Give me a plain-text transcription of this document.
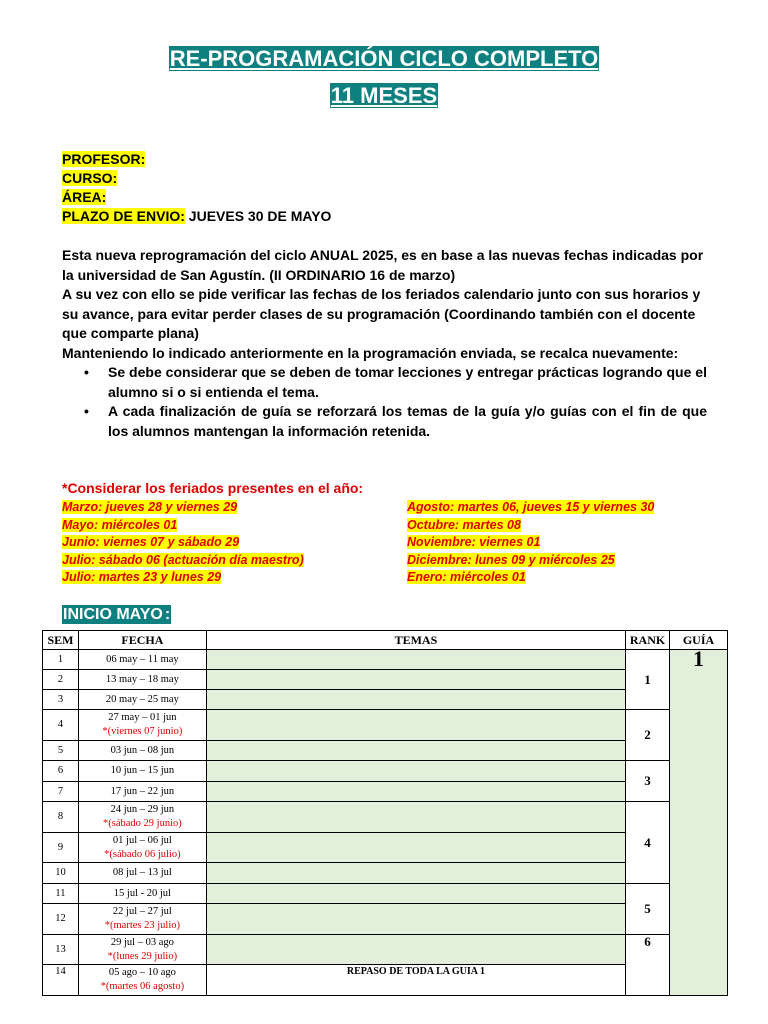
RE-PROGRAMACIÓN CICLO COMPLETO
11 MESES
PROFESOR:
CURSO:
ÁREA:
PLAZO DE ENVIO: JUEVES 30 DE MAYO

Esta nueva reprogramación del ciclo ANUAL 2025, es en base a las nuevas fechas indicadas por la universidad de San Agustín. (II ORDINARIO 16 de marzo)

A su vez con ello se pide verificar las fechas de los feriados calendario junto con sus horarios y su avance, para evitar perder clases de su programación (Coordinando también con el docente que comparte plana)

Manteniendo lo indicado anteriormente en la programación enviada, se recalca nuevamente:

• Se debe considerar que se deben de tomar lecciones y entregar prácticas logrando que el alumno si o si entienda el tema.
• A cada finalización de guía se reforzará los temas de la guía y/o guías con el fin de que los alumnos mantengan la información retenida.
*Considerar los feriados presentes en el año:
Marzo: jueves 28 y viernes 29
Mayo: miércoles 01
Junio: viernes 07 y sábado 29
Julio: sábado 06 (actuación día maestro)
Julio: martes 23 y lunes 29
Agosto: martes 06, jueves 15 y viernes 30
Octubre: martes 08
Noviembre: viernes 01
Diciembre: lunes 09 y miércoles 25
Enero: miércoles 01
INICIO MAYO :
SEM	FECHA	TEMAS	RANK	GUÍA
1	06 may – 11 may		1	1
2	13 may – 18 may			

3	20 may – 25 may			

4	27 may – 01 jun
*(viernes 07 junio)		2	
5	03 jun – 08 jun			

6	10 jun – 15 jun		3	
7	17 jun – 22 jun			

8	24 jun – 29 jun
*(sábado 29 junio)		4	
9	01 jul – 06 jul
*(sábado 06 julio)			

10	08 jul – 13 jul			

11	15 jul - 20 jul		5	
12	22 jul – 27 jul
*(martes 23 julio)			

13	29 jul – 03 ago
*(lunes 29 julio)		6	
14	05 ago – 10 ago
*(martes 06 agosto)	REPASO DE TODA LA GUIA 1		
